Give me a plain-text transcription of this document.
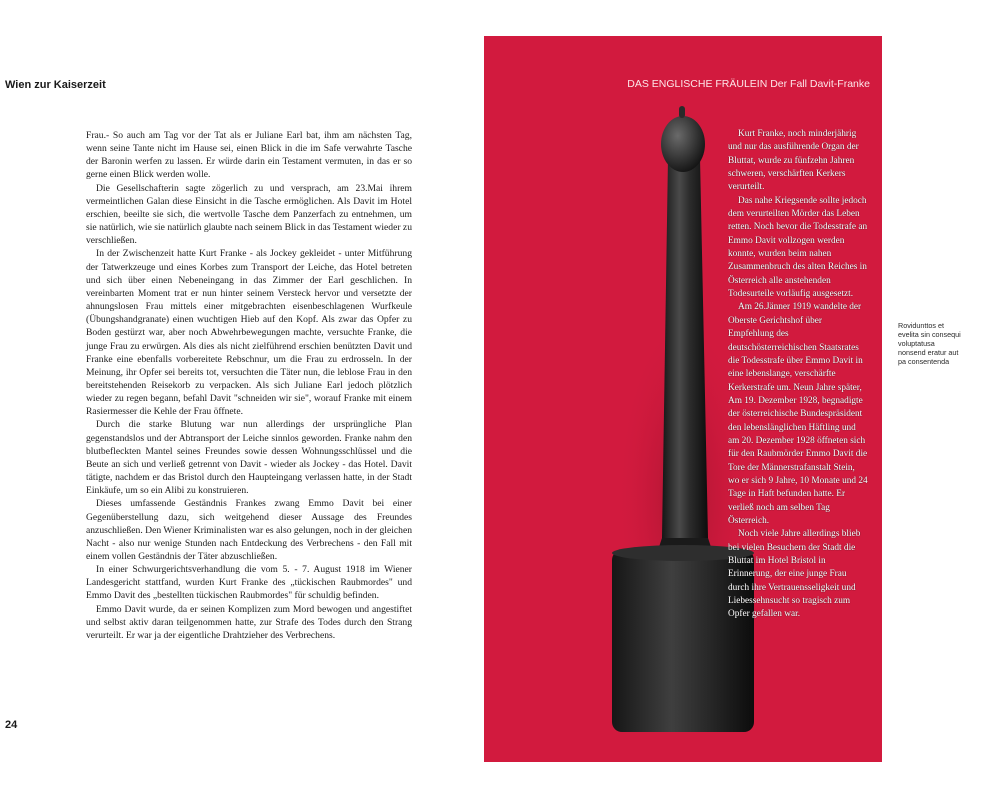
Wien zur Kaiserzeit

Frau.- So auch am Tag vor der Tat als er Juliane Earl bat, ihm am nächsten Tag, wenn seine Tante nicht im Hause sei, einen Blick in die im Safe verwahrte Tasche der Baronin werfen zu lassen. Er würde darin ein Testament vermuten, in das er so gerne einen Blick werden wolle.

Die Gesellschafterin sagte zögerlich zu und versprach, am 23.Mai ihrem vermeintlichen Galan diese Einsicht in die Tasche ermöglichen. Als Davit im Hotel erschien, beeilte sie sich, die wertvolle Tasche dem Panzerfach zu entnehmen, um sie natürlich, wie sie natürlich glaubte nach seinem Blick in das Testament wieder zu verschließen.

In der Zwischenzeit hatte Kurt Franke - als Jockey gekleidet - unter Mitführung der Tatwerkzeuge und eines Korbes zum Transport der Leiche, das Hotel betreten und sich über einen Nebeneingang in das Zimmer der Earl geschlichen. In vereinbarten Moment trat er nun hinter seinem Versteck hervor und versetzte der ahnungslosen Frau mittels einer mitgebrachten eisenbeschlagenen Wurfkeule (Übungshandgranate) einen wuchtigen Hieb auf den Kopf. Als zwar das Opfer zu Boden gestürzt war, aber noch Abwehrbewegungen machte, versuchte Franke, die junge Frau zu erwürgen. Als dies als nicht zielführend erschien benützten Davit und Franke eine ebenfalls vorbereitete Rebschnur, um die Frau zu erdrosseln. In der Meinung, ihr Opfer sei bereits tot, versuchten die Täter nun, die leblose Frau in den bereitstehenden Reisekorb zu verpacken. Als sich Juliane Earl jedoch plötzlich wieder zu regen begann, befahl Davit "schneiden wir sie", worauf Franke mit einem Rasiermesser die Kehle der Frau öffnete.

Durch die starke Blutung war nun allerdings der ursprüngliche Plan gegenstandslos und der Abtransport der Leiche sinnlos geworden. Franke nahm den blutbefleckten Mantel seines Freundes sowie dessen Wohnungsschlüssel und die Beute an sich und verließ getrennt von Davit - wieder als Jockey - das Hotel. Davit tätigte, nachdem er das Bristol durch den Haupteingang verlassen hatte, in der Stadt Einkäufe, um so ein Alibi zu konstruieren.

Dieses umfassende Geständnis Frankes zwang Emmo Davit bei einer Gegenüberstellung dazu, sich weitgehend dieser Aussage des Freundes anzuschließen. Den Wiener Kriminalisten war es also gelungen, noch in der gleichen Nacht - also nur wenige Stunden nach Entdeckung des Verbrechens - den Fall mit einem vollen Geständnis der Täter abzuschließen.

In einer Schwurgerichtsverhandlung die vom 5. - 7. August 1918 im Wiener Landesgericht stattfand, wurden Kurt Franke des „tückischen Raubmordes" und Emmo Davit des „bestellten tückischen Raubmordes" für schuldig befinden.

Emmo Davit wurde, da er seinen Komplizen zum Mord bewogen und angestiftet und selbst aktiv daran teilgenommen hatte, zur Strafe des Todes durch den Strang verurteilt. Er war ja der eigentliche Drahtzieher des Verbrechens.

24
DAS ENGLISCHE FRÄULEIN Der Fall Davit-Franke

Kurt Franke, noch minderjährig und nur das ausführende Organ der Bluttat, wurde zu fünfzehn Jahren schweren, verschärften Kerkers verurteilt.

Das nahe Kriegsende sollte jedoch dem verurteilten Mörder das Leben retten. Noch bevor die Todesstrafe an Emmo Davit vollzogen werden konnte, wurden beim nahen Zusammenbruch des alten Reiches in Österreich alle anstehenden Todesurteile vorläufig ausgesetzt.

Am 26.Jänner 1919 wandelte der Oberste Gerichtshof über Empfehlung des deutschösterreichischen Staatsrates die Todesstrafe über Emmo Davit in eine lebenslange, verschärfte Kerkerstrafe um. Neun Jahre später, Am 19. Dezember 1928, begnadigte der österreichische Bundespräsident den lebenslänglichen Häftling und am 20. Dezember 1928 öffneten sich für den Raubmörder Emmo Davit die Tore der Männerstrafanstalt Stein, wo er sich 9 Jahre, 10 Monate und 24 Tage in Haft befunden hatte. Er verließ noch am selben Tag Österreich.

Noch viele Jahre allerdings blieb bei vielen Besuchern der Stadt die Bluttat im Hotel Bristol in Erinnerung, der eine junge Frau durch ihre Vertrauensseligkeit und Liebessehnsucht so tragisch zum Opfer gefallen war.

Rovidunttos et evelita sin consequi voluptatusa nonsend eratur aut pa consentenda
